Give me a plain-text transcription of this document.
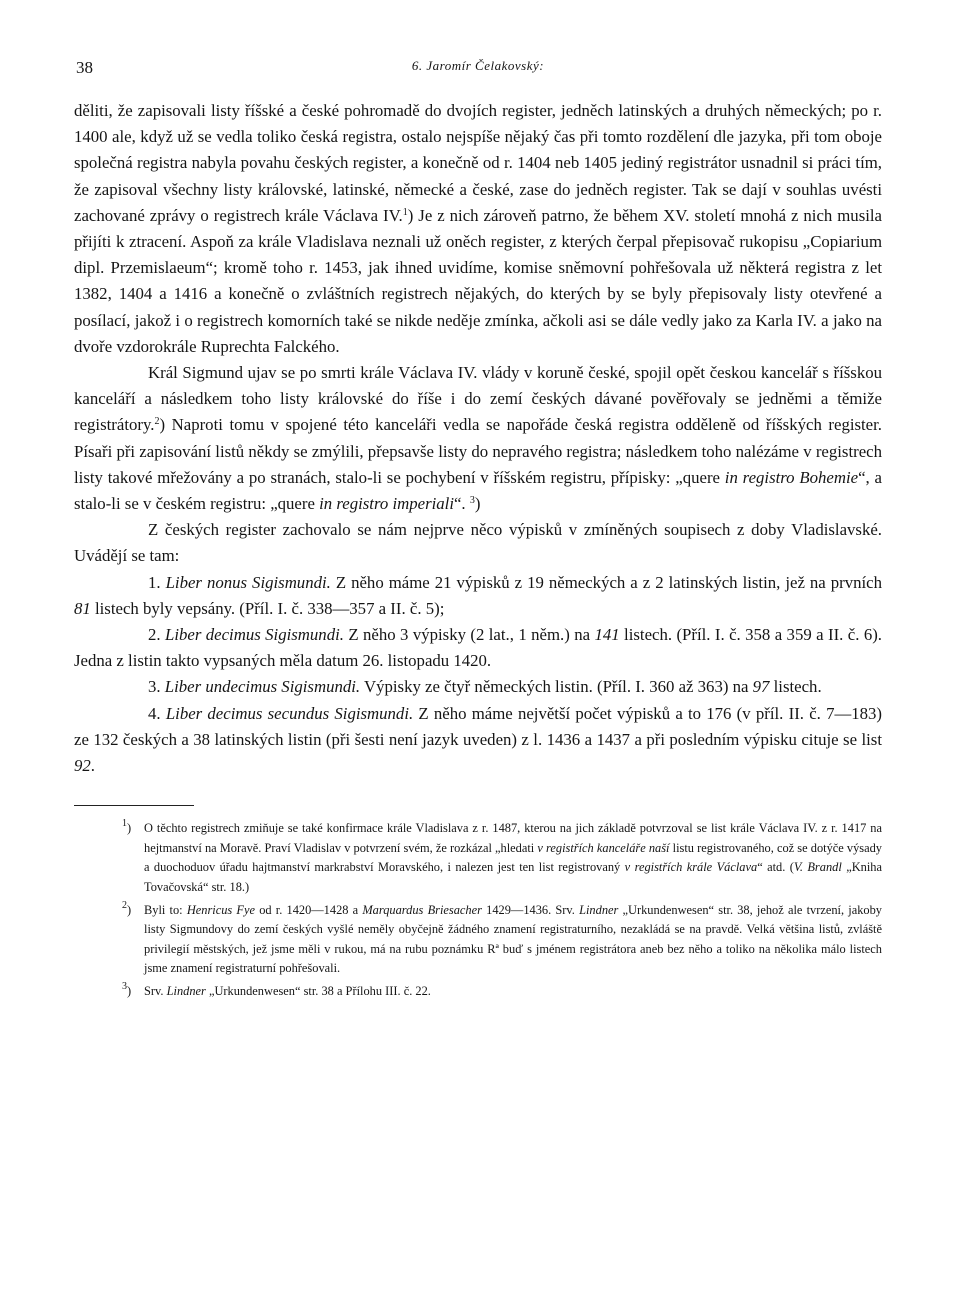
38	6. Jaromír Čelakovský:

děliti, že zapisovali listy říšské a české pohromadě do dvojích register, jedněch latinských a druhých německých; po r. 1400 ale, když už se vedla toliko česká registra, ostalo nejspíše nějaký čas při tomto rozdělení dle jazyka, při tom oboje společná registra nabyla povahu českých register, a konečně od r. 1404 neb 1405 jediný registrátor usnadnil si práci tím, že zapisoval všechny listy královské, latinské, německé a české, zase do jedněch register. Tak se dají v souhlas uvésti zachované zprávy o registrech krále Václava IV.$^1$) Je z nich zároveň patrno, že během XV. století mnohá z nich musila přijíti k ztracení. Aspoň za krále Vladislava neznali už oněch register, z kterých čerpal přepisovač rukopisu „Copiarium dipl. Przemislaeum“; kromě toho r. 1453, jak ihned uvidíme, komise sněmovní pohřešovala už některá registra z let 1382, 1404 a 1416 a konečně o zvláštních registrech nějakých, do kterých by se byly přepisovaly listy otevřené a posílací, jakož i o registrech komorních také se nikde neděje zmínka, ačkoli asi se dále vedly jako za Karla IV. a jako na dvoře vzdorokrále Ruprechta Falckého.

Král Sigmund ujav se po smrti krále Václava IV. vlády v koruně české, spojil opět českou kancelář s říšskou kanceláří a následkem toho listy královské do říše i do zemí českých dávané pověřovaly se jedněmi a těmiže registrátory.$^2$) Naproti tomu v spojené této kanceláři vedla se napořáde česká registra odděleně od říšských register. Písaři při zapisování listů někdy se zmýlili, přepsavše listy do nepravého registra; následkem toho nalézáme v registrech listy takové mřežovány a po stranách, stalo-li se pochybení v říšském registru, přípisky: „quere in registro Bohemie“, a stalo-li se v českém registru: „quere in registro imperiali“. $^3$)

Z českých register zachovalo se nám nejprve něco výpisků v zmíněných soupisech z doby Vladislavské. Uvádějí se tam:

1. Liber nonus Sigismundi. Z něho máme 21 výpisků z 19 německých a z 2 latinských listin, jež na prvních 81 listech byly vepsány. (Příl. I. č. 338—357 a II. č. 5);

2. Liber decimus Sigismundi. Z něho 3 výpisky (2 lat., 1 něm.) na 141 listech. (Příl. I. č. 358 a 359 a II. č. 6). Jedna z listin takto vypsaných měla datum 26. listopadu 1420.

3. Liber undecimus Sigismundi. Výpisky ze čtyř německých listin. (Příl. I. 360 až 363) na 97 listech.

4. Liber decimus secundus Sigismundi. Z něho máme největší počet výpisků a to 176 (v příl. II. č. 7—183) ze 132 českých a 38 latinských listin (při šesti není jazyk uveden) z l. 1436 a 1437 a při posledním výpisku cituje se list 92.

$^1$) O těchto registrech zmiňuje se také konfirmace krále Vladislava z r. 1487, kterou na jich základě potvrzoval se list krále Václava IV. z r. 1417 na hejtmanství na Moravě. Praví Vladislav v potvrzení svém, že rozkázal „hledati v registřích kanceláře naší listu registrovaného, což se dotýče výsady a duochoduov úřadu hajtmanství markrabství Moravského, i nalezen jest ten list registrovaný v registřích krále Václava“ atd. (V. Brandl „Kniha Tovačovská“ str. 18.)
$^2$) Byli to: Henricus Fye od r. 1420—1428 a Marquardus Briesacher 1429—1436. Srv. Lindner „Urkundenwesen“ str. 38, jehož ale tvrzení, jakoby listy Sigmundovy do zemí českých vyšlé neměly obyčejně žádného znamení registraturního, nezakládá se na pravdě. Velká většina listů, zvláště privilegií městských, jež jsme měli v rukou, má na rubu poznámku Rª buď s jménem registrátora aneb bez něho a toliko na několika málo listech jsme znamení registraturní pohřešovali.
$^3$) Srv. Lindner „Urkundenwesen“ str. 38 a Přílohu III. č. 22.
